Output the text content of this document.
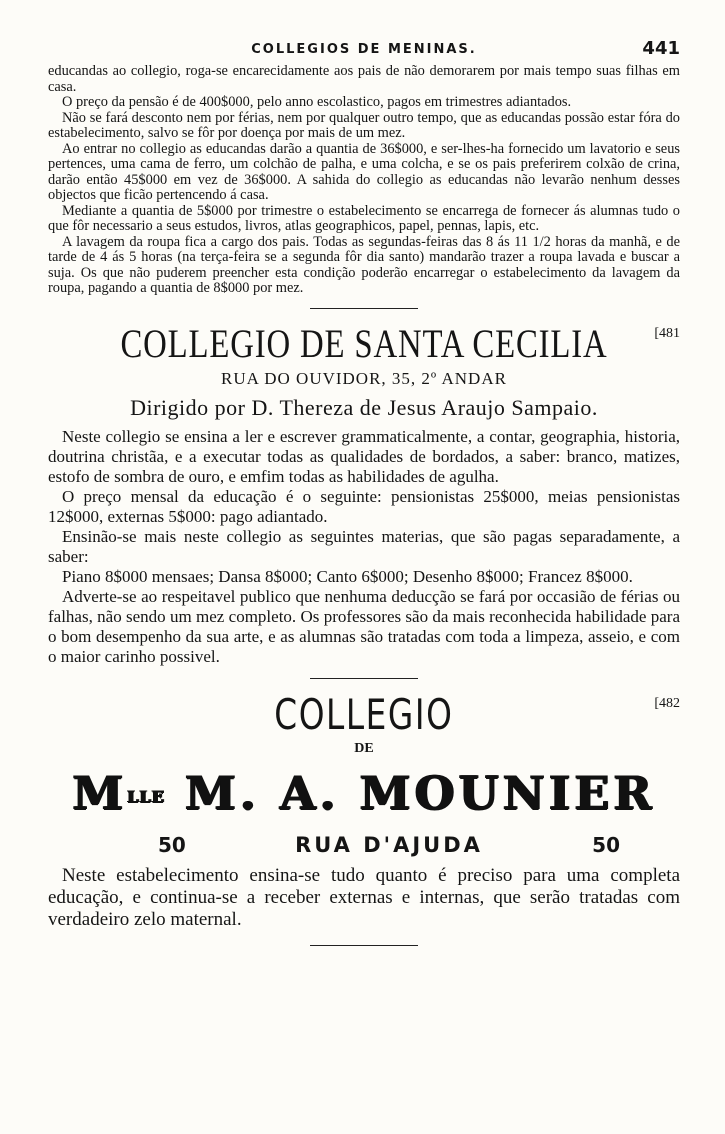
COLLEGIOS DE MENINAS.	441

educandas ao collegio, roga-se encarecidamente aos pais de não demorarem por mais tempo suas filhas em casa.

O preço da pensão é de 400$000, pelo anno escolastico, pagos em trimestres adiantados.

Não se fará desconto nem por férias, nem por qualquer outro tempo, que as educandas possão estar fóra do estabelecimento, salvo se fôr por doença por mais de um mez.

Ao entrar no collegio as educandas darão a quantia de 36$000, e ser-lhes-ha fornecido um lavatorio e seus pertences, uma cama de ferro, um colchão de palha, e uma colcha, e se os pais preferirem colxão de crina, darão então 45$000 em vez de 36$000. A sahida do collegio as educandas não levarão nenhum desses objectos que ficão pertencendo á casa.

Mediante a quantia de 5$000 por trimestre o estabelecimento se encarrega de fornecer ás alumnas tudo o que fôr necessario a seus estudos, livros, atlas geographicos, papel, pennas, lapis, etc.

A lavagem da roupa fica a cargo dos pais. Todas as segundas-feiras das 8 ás 11 1/2 horas da manhã, e de tarde de 4 ás 5 horas (na terça-feira se a segunda fôr dia santo) mandarão trazer a roupa lavada e buscar a suja. Os que não puderem preencher esta condição poderão encarregar o estabelecimento da lavagem da roupa, pagando a quantia de 8$000 por mez.

COLLEGIO DE SANTA CECILIA	[481
RUA DO OUVIDOR, 35, 2º ANDAR
Dirigido por D. Thereza de Jesus Araujo Sampaio.

Neste collegio se ensina a ler e escrever grammaticalmente, a contar, geographia, historia, doutrina christãa, e a executar todas as qualidades de bordados, a saber: branco, matizes, estofo de sombra de ouro, e emfim todas as habilidades de agulha.

O preço mensal da educação é o seguinte: pensionistas 25$000, meias pensionistas 12$000, externas 5$000: pago adiantado.

Ensinão-se mais neste collegio as seguintes materias, que são pagas separadamente, a saber:

Piano 8$000 mensaes; Dansa 8$000; Canto 6$000; Desenho 8$000; Francez 8$000.

Adverte-se ao respeitavel publico que nenhuma deducção se fará por occasião de férias ou falhas, não sendo um mez completo. Os professores são da mais reconhecida habilidade para o bom desempenho da sua arte, e as alumnas são tratadas com toda a limpeza, asseio, e com o maior carinho possivel.

COLLEGIO	[482
DE
$M^{LLE}$ M. A. MOUNIER
50	RUA D'AJUDA	50

Neste estabelecimento ensina-se tudo quanto é preciso para uma completa educação, e continua-se a receber externas e internas, que serão tratadas com verdadeiro zelo maternal.
